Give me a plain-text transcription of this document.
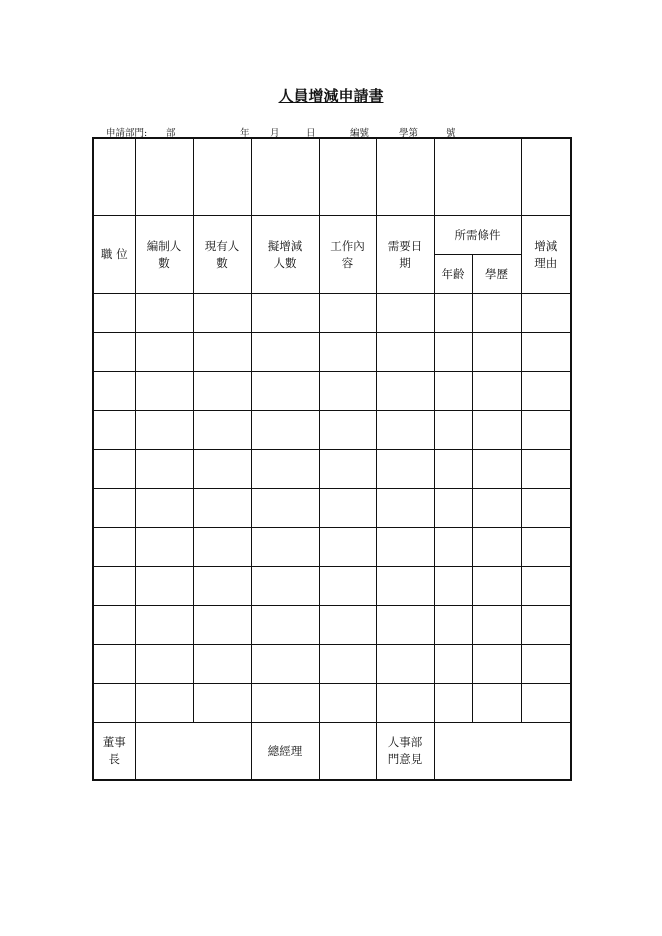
人員增減申請書
申請部門: 部	年 月	日	編號	學第	號

職 位	編制人數	現有人數	擬增減人數	工作內容	需要日期	所需條件		增減理由
						年齡	學歷	

董事長			總經理		人事部門意見			
